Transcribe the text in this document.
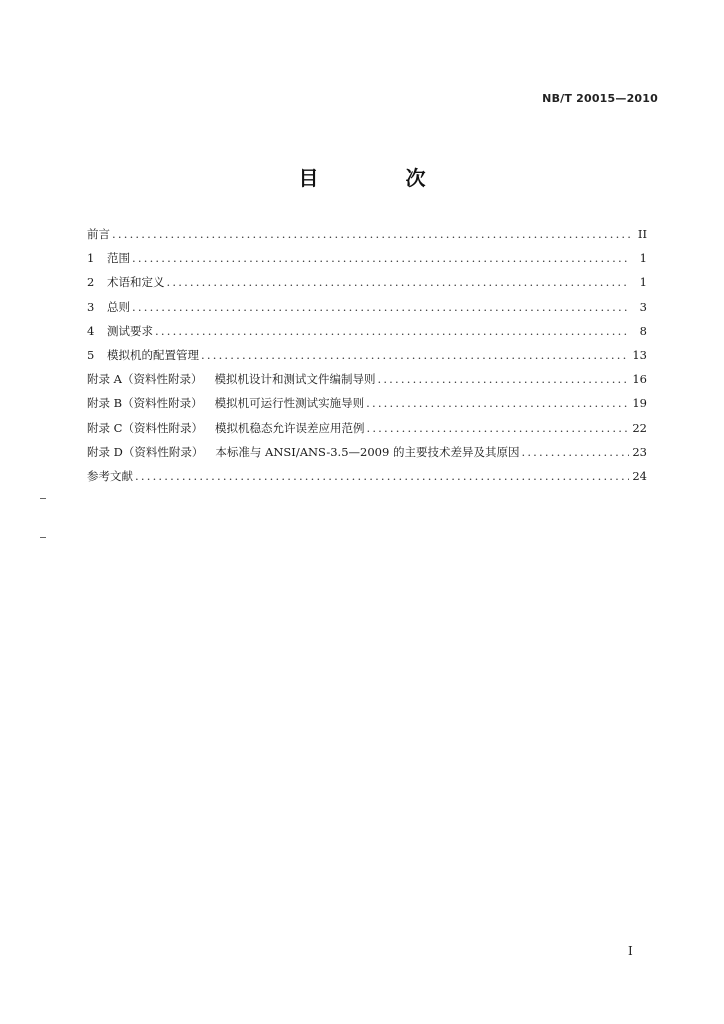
NB/T 20015—2010
目 次
前言 .....	II
1	范围 .....	1
2	术语和定义 .....	1
3	总则 .....	3
4	测试要求 .....	8
5	模拟机的配置管理 .....	13
附录 A（资料性附录） 模拟机设计和测试文件编制导则 .....	16
附录 B（资料性附录） 模拟机可运行性测试实施导则 .....	19
附录 C（资料性附录） 模拟机稳态允许误差应用范例 .....	22
附录 D（资料性附录） 本标准与 ANSI/ANS-3.5—2009 的主要技术差异及其原因 .....	23
参考文献 .....	24
I
